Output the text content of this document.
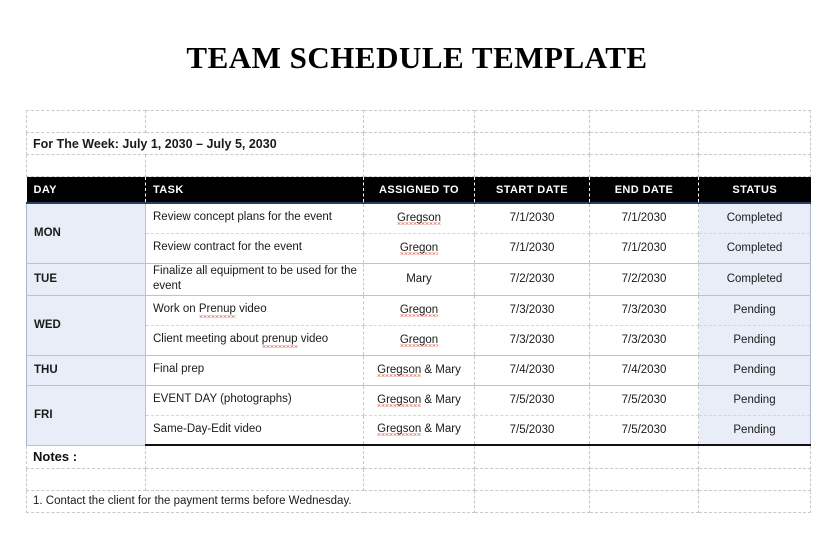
TEAM SCHEDULE TEMPLATE

For The Week: July 1, 2030 – July 5, 2030					

DAY	TASK	ASSIGNED TO	START DATE	END DATE	STATUS
MON	Review concept plans for the event	Gregson	7/1/2030	7/1/2030	Completed
	Review contract for the event	Gregon	7/1/2030	7/1/2030	Completed
TUE	Finalize all equipment to be used for the event	Mary	7/2/2030	7/2/2030	Completed
WED	Work on Prenup video	Gregon	7/3/2030	7/3/2030	Pending
	Client meeting about prenup video	Gregon	7/3/2030	7/3/2030	Pending
THU	Final prep	Gregson & Mary	7/4/2030	7/4/2030	Pending
FRI	EVENT DAY (photographs)	Gregson & Mary	7/5/2030	7/5/2030	Pending
	Same-Day-Edit video	Gregson & Mary	7/5/2030	7/5/2030	Pending
Notes :					

1. Contact the client for the payment terms before Wednesday.					
